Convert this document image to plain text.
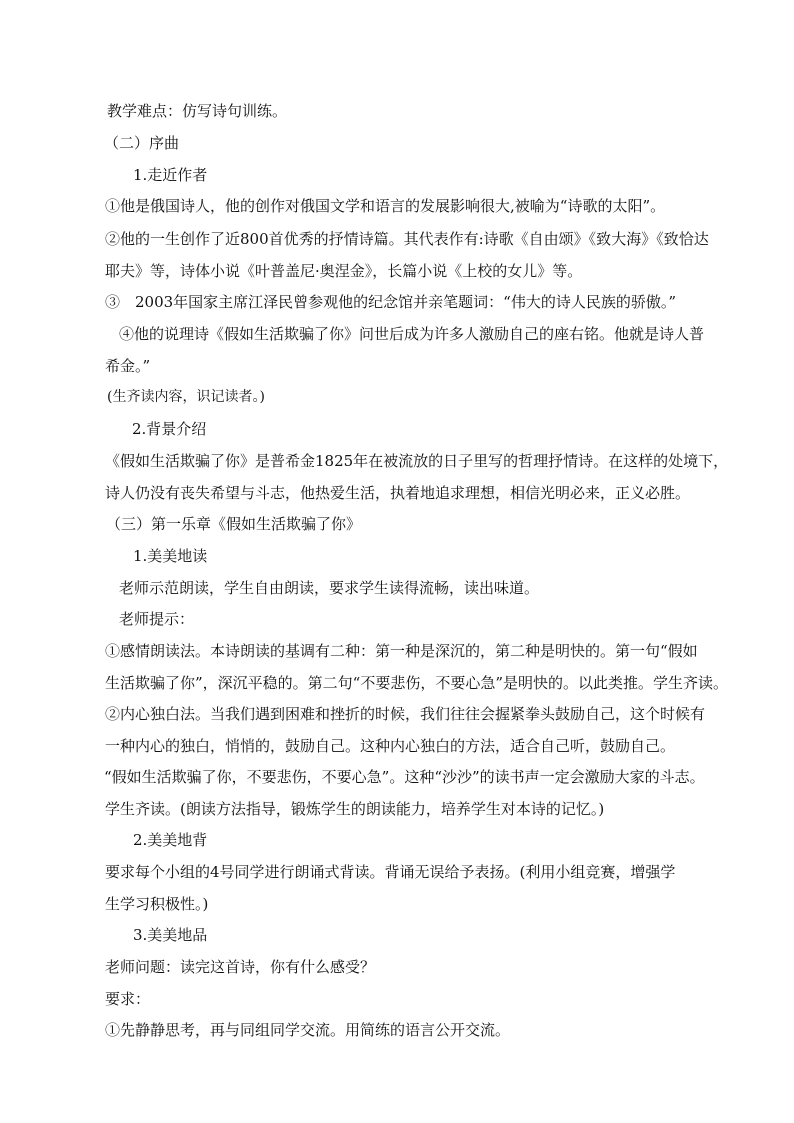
教学难点：仿写诗句训练。
（二）序曲
1.走近作者
①他是俄国诗人，他的创作对俄国文学和语言的发展影响很大,被喻为“诗歌的太阳”。
②他的一生创作了近800首优秀的抒情诗篇。其代表作有:诗歌《自由颂》《致大海》《致恰达
耶夫》等，诗体小说《叶普盖尼·奥涅金》，长篇小说《上校的女儿》等。
③　2003年国家主席江泽民曾参观他的纪念馆并亲笔题词：“伟大的诗人民族的骄傲。”
④他的说理诗《假如生活欺骗了你》问世后成为许多人激励自己的座右铭。他就是诗人普
希金。”
(生齐读内容，识记读者。)
2.背景介绍
《假如生活欺骗了你》是普希金1825年在被流放的日子里写的哲理抒情诗。在这样的处境下，
诗人仍没有丧失希望与斗志，他热爱生活，执着地追求理想，相信光明必来，正义必胜。
（三）第一乐章《假如生活欺骗了你》
1.美美地读
老师示范朗读，学生自由朗读，要求学生读得流畅，读出味道。
老师提示：
①感情朗读法。本诗朗读的基调有二种：第一种是深沉的，第二种是明快的。第一句“假如
生活欺骗了你”，深沉平稳的。第二句“不要悲伤，不要心急”是明快的。以此类推。学生齐读。
②内心独白法。当我们遇到困难和挫折的时候，我们往往会握紧拳头鼓励自己，这个时候有
一种内心的独白，悄悄的，鼓励自己。这种内心独白的方法，适合自己听，鼓励自己。
“假如生活欺骗了你，不要悲伤，不要心急”。这种“沙沙”的读书声一定会激励大家的斗志。
学生齐读。(朗读方法指导，锻炼学生的朗读能力，培养学生对本诗的记忆。)
2.美美地背
要求每个小组的4号同学进行朗诵式背读。背诵无误给予表扬。(利用小组竞赛，增强学
生学习积极性。)
3.美美地品
老师问题：读完这首诗，你有什么感受？
要求：
①先静静思考，再与同组同学交流。用简练的语言公开交流。
